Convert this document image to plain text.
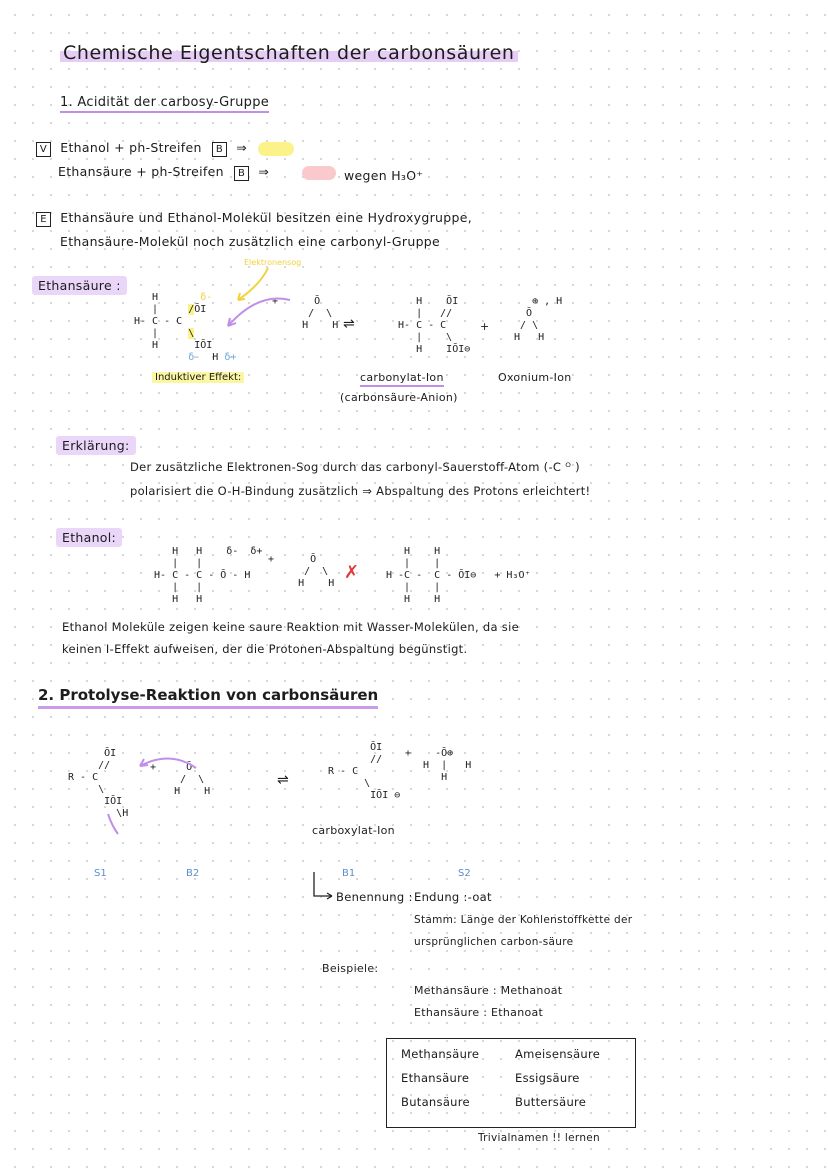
Chemische Eigentschaften der carbonsäuren
1. Acidität der carbosy-Gruppe
V Ethanol + ph-Streifen B ⇒
Ethansäure + ph-Streifen B ⇒	wegen H₃O⁺
E Ethansäure und Ethanol-Molekül besitzen eine Hydroxygruppe,
Ethansäure-Molekül noch zusätzlich eine carbonyl-Gruppe
Ethansäure :
Elektronensog
H       δ-
|	/ŌI
H- C - C
|	\
H      IŌI
δ-  H δ+
+      Ō
/  \
H    H ⇌
H    ŌI
|   //
H- C - C
|    \
H    IŌI⊖
+
⊕ , H
Ō
/ \
H   H
Induktiver Effekt:	carbonylat-Ion
(carbonsäure-Anion)
Oxonium-Ion
Erklärung:
Der zusätzliche Elektronen-Sog durch das carbonyl-Sauerstoff-Atom (-C ᴼ )
polarisiert die O-H-Bindung zusätzlich ⇒ Abspaltung des Protons erleichtert!
Ethanol:
H   H    δ-  δ+
|   |
H- C - C - Ō - H
|   |
H   H
+      Ō
/  \
H    H
✗
H    H
|    |
H -C -  C - ŌI⊖   + H₃O⁺
|    |
H    H
Ethanol Moleküle zeigen keine saure Reaktion mit Wasser-Molekülen, da sie
keinen I-Effekt aufweisen, der die Protonen-Abspaltung begünstigt.
2. Protolyse-Reaktion von carbonsäuren
ŌI
//
R - C
\
IŌI
\H
+     Ō
/  \
H    H
⇌
ŌI
//
R - C
\
IŌI ⊖
+    -Ō⊕
H  |   H
H
carboxylat-Ion
S1	B2	B1	S2
Benennung : Endung :-oat
Stamm: Länge der Kohlenstoffkette der
ursprünglichen carbon-säure
Beispiele:
Methansäure : Methanoat
Ethansäure : Ethanoat
Methansäure	Ameisensäure
Ethansäure	Essigsäure
Butansäure	Buttersäure
Trivialnamen !! lernen
